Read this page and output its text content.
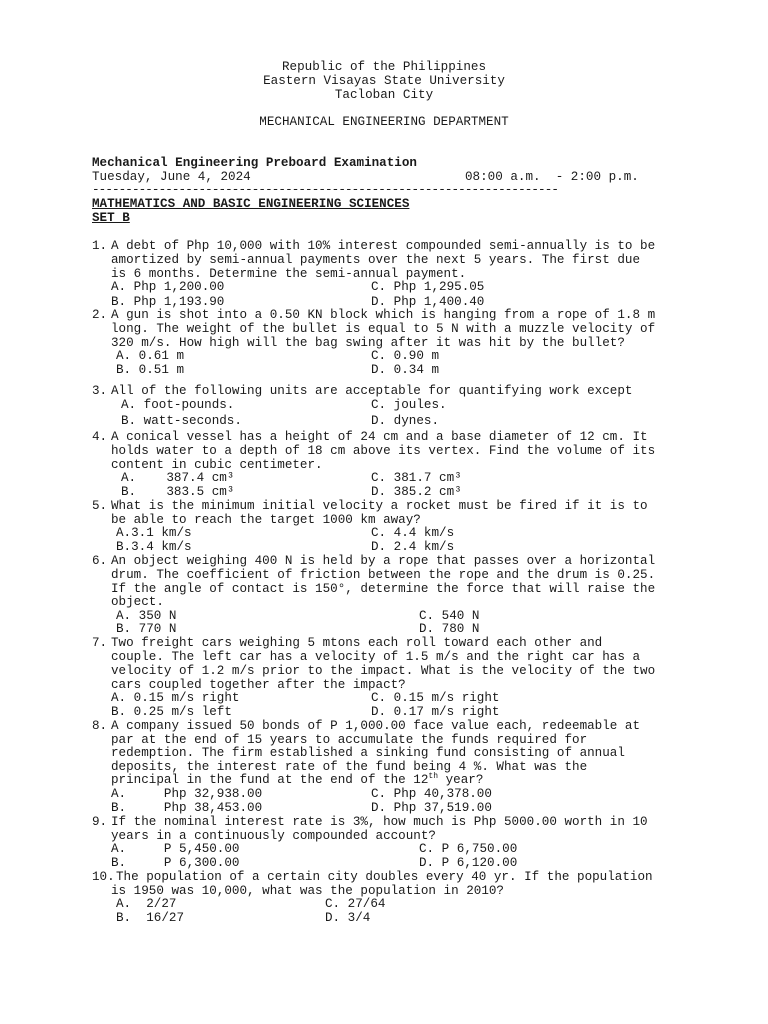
Republic of the Philippines
Eastern Visayas State University
Tacloban City
MECHANICAL ENGINEERING DEPARTMENT
Mechanical Engineering Preboard Examination
Tuesday, June 4, 2024	08:00 a.m.  - 2:00 p.m.
----------------------------------------------------------------------
MATHEMATICS AND BASIC ENGINEERING SCIENCES
SET B
1. A debt of Php 10,000 with 10% interest compounded semi-annually is to be
amortized by semi-annual payments over the next 5 years. The first due
is 6 months. Determine the semi-annual payment.
A. Php 1,200.00	C. Php 1,295.05
B. Php 1,193.90	D. Php 1,400.40
2. A gun is shot into a 0.50 KN block which is hanging from a rope of 1.8 m
long. The weight of the bullet is equal to 5 N with a muzzle velocity of
320 m/s. How high will the bag swing after it was hit by the bullet?
A. 0.61 m	C. 0.90 m
B. 0.51 m	D. 0.34 m
3. All of the following units are acceptable for quantifying work except
A. foot-pounds.	C. joules.
B. watt-seconds.	D. dynes.
4. A conical vessel has a height of 24 cm and a base diameter of 12 cm. It
holds water to a depth of 18 cm above its vertex. Find the volume of its
content in cubic centimeter.
A.    387.4 cm³	C. 381.7 cm³
B.    383.5 cm³	D. 385.2 cm³
5. What is the minimum initial velocity a rocket must be fired if it is to
be able to reach the target 1000 km away?
A.3.1 km/s	C. 4.4 km/s
B.3.4 km/s	D. 2.4 km/s
6. An object weighing 400 N is held by a rope that passes over a horizontal
drum. The coefficient of friction between the rope and the drum is 0.25.
If the angle of contact is 150°, determine the force that will raise the
object.
A. 350 N	C. 540 N
B. 770 N	D. 780 N
7. Two freight cars weighing 5 mtons each roll toward each other and
couple. The left car has a velocity of 1.5 m/s and the right car has a
velocity of 1.2 m/s prior to the impact. What is the velocity of the two
cars coupled together after the impact?
A. 0.15 m/s right	C. 0.15 m/s right
B. 0.25 m/s left	D. 0.17 m/s right
8. A company issued 50 bonds of P 1,000.00 face value each, redeemable at
par at the end of 15 years to accumulate the funds required for
redemption. The firm established a sinking fund consisting of annual
deposits, the interest rate of the fund being 4 %. What was the
principal in the fund at the end of the 12th year?
A.     Php 32,938.00	C. Php 40,378.00
B.     Php 38,453.00	D. Php 37,519.00
9. If the nominal interest rate is 3%, how much is Php 5000.00 worth in 10
years in a continuously compounded account?
A.     P 5,450.00	C. P 6,750.00
B.     P 6,300.00	D. P 6,120.00
10. The population of a certain city doubles every 40 yr. If the population
is 1950 was 10,000, what was the population in 2010?
A.  2/27	C. 27/64
B.  16/27	D. 3/4
